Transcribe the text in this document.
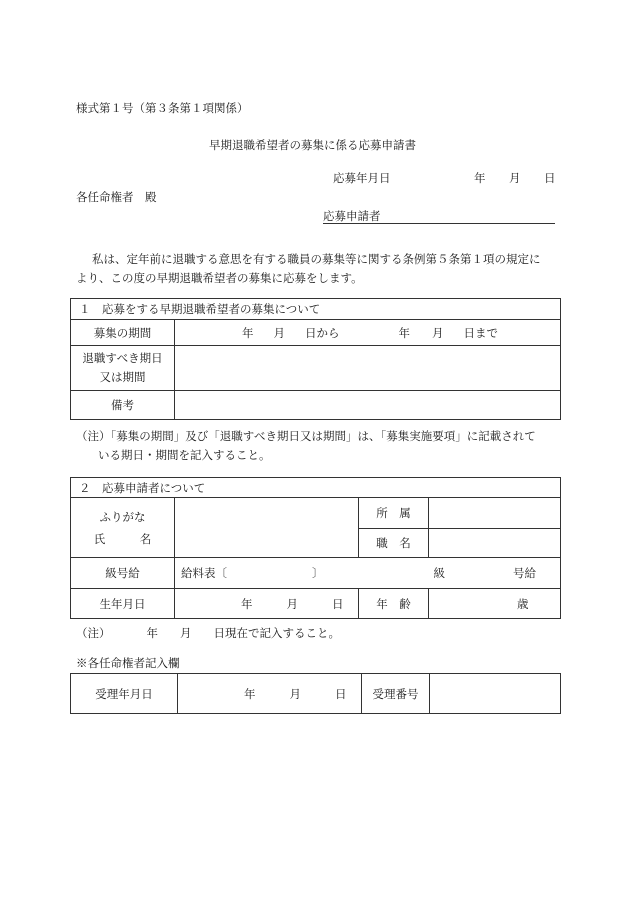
様式第１号（第３条第１項関係）
早期退職希望者の募集に係る応募申請書
応募年月日	年 月 日
各任命権者　殿
応募申請者
私は、定年前に退職する意思を有する職員の募集等に関する条例第５条第１項の規定に
より、この度の早期退職希望者の募集に応募をします。
１　応募をする早期退職希望者の募集について	
募集の期間	年 月 日から 年 月 日まで

退職すべき期日
又は期間	

備考	
（注）「募集の期間」及び「退職すべき期日又は期間」は、「募集実施要項」に記載されて
いる期日・期間を記入すること。
２　応募申請者について			

ふりがな
氏　　　名		所　属	
		職　名	
級号給	給料表〔 〕 級 号給		
生年月日	年 月 日	年　齢	歳
（注）	年 月 日現在で記入すること。
※各任命権者記入欄
受理年月日	年	月	日	受理番号	
